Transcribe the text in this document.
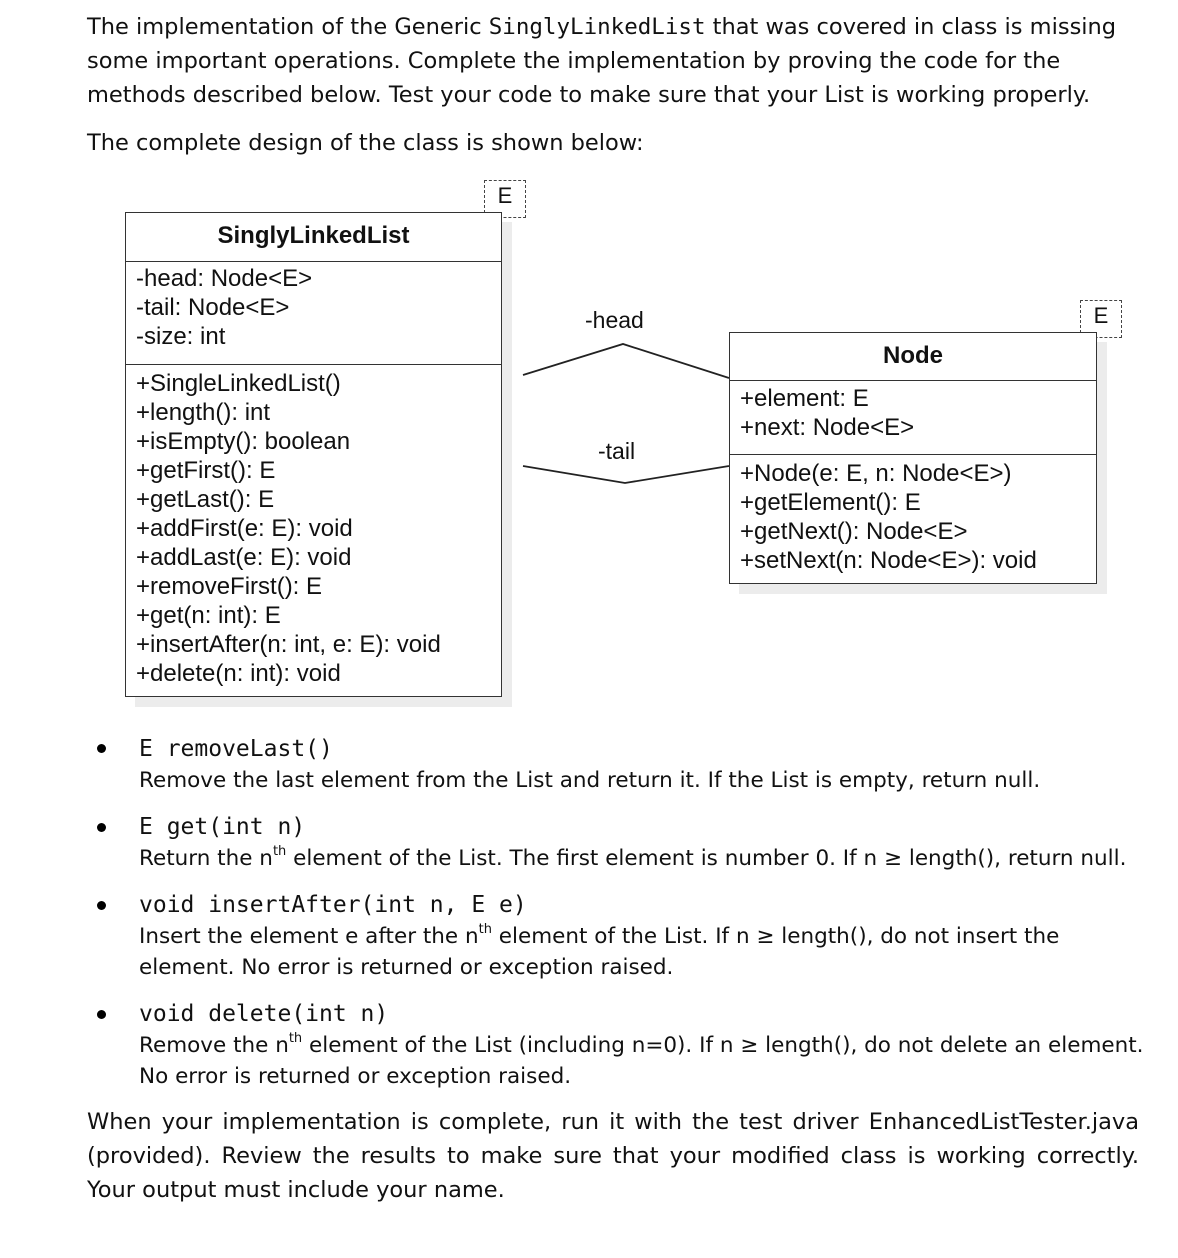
The implementation of the Generic SinglyLinkedList that was covered in class is missing some important operations. Complete the implementation by proving the code for the methods described below. Test your code to make sure that your List is working properly.
The complete design of the class is shown below:
E
SinglyLinkedList
-head: Node<E>
-tail: Node<E>
-size: int
+SingleLinkedList()
+length(): int
+isEmpty(): boolean
+getFirst(): E
+getLast(): E
+addFirst(e: E): void
+addLast(e: E): void
+removeFirst(): E
+get(n: int): E
+insertAfter(n: int, e: E): void
+delete(n: int): void
-head
-tail
E
Node
+element: E
+next: Node<E>
+Node(e: E, n: Node<E>)
+getElement(): E
+getNext(): Node<E>
+setNext(n: Node<E>): void
E removeLast()
Remove the last element from the List and return it. If the List is empty, return null.
E get(int n)
Return the $n^{th}$ element of the List. The first element is number 0. If n ≥ length(), return null.
void insertAfter(int n, E e)
Insert the element e after the $n^{th}$ element of the List. If n ≥ length(), do not insert the element. No error is returned or exception raised.
void delete(int n)
Remove the $n^{th}$ element of the List (including n=0). If n ≥ length(), do not delete an element. No error is returned or exception raised.
When your implementation is complete, run it with the test driver EnhancedListTester.java (provided). Review the results to make sure that your modified class is working correctly. Your output must include your name.
